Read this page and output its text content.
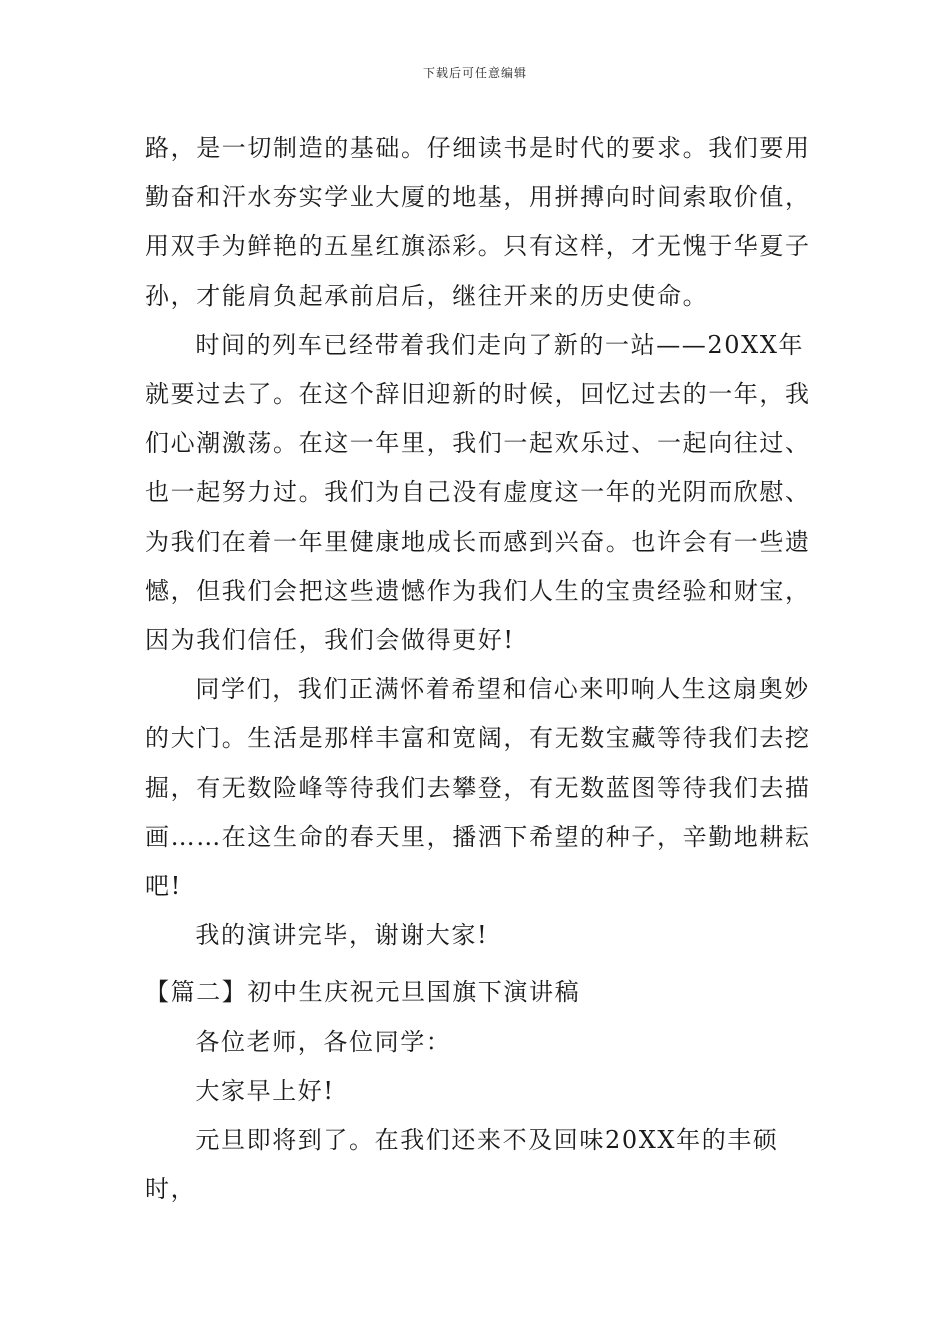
下载后可任意编辑

路，是一切制造的基础。仔细读书是时代的要求。我们要用勤奋和汗水夯实学业大厦的地基，用拼搏向时间索取价值，用双手为鲜艳的五星红旗添彩。只有这样，才无愧于华夏子孙，才能肩负起承前启后，继往开来的历史使命。

时间的列车已经带着我们走向了新的一站——20XX年就要过去了。在这个辞旧迎新的时候，回忆过去的一年，我们心潮激荡。在这一年里，我们一起欢乐过、一起向往过、也一起努力过。我们为自己没有虚度这一年的光阴而欣慰、为我们在着一年里健康地成长而感到兴奋。也许会有一些遗憾，但我们会把这些遗憾作为我们人生的宝贵经验和财宝，因为我们信任，我们会做得更好!

同学们，我们正满怀着希望和信心来叩响人生这扇奥妙的大门。生活是那样丰富和宽阔，有无数宝藏等待我们去挖掘，有无数险峰等待我们去攀登，有无数蓝图等待我们去描画……在这生命的春天里，播洒下希望的种子，辛勤地耕耘吧!

我的演讲完毕，谢谢大家!

【篇二】初中生庆祝元旦国旗下演讲稿

各位老师，各位同学：

大家早上好!

元旦即将到了。在我们还来不及回味20XX年的丰硕时，
